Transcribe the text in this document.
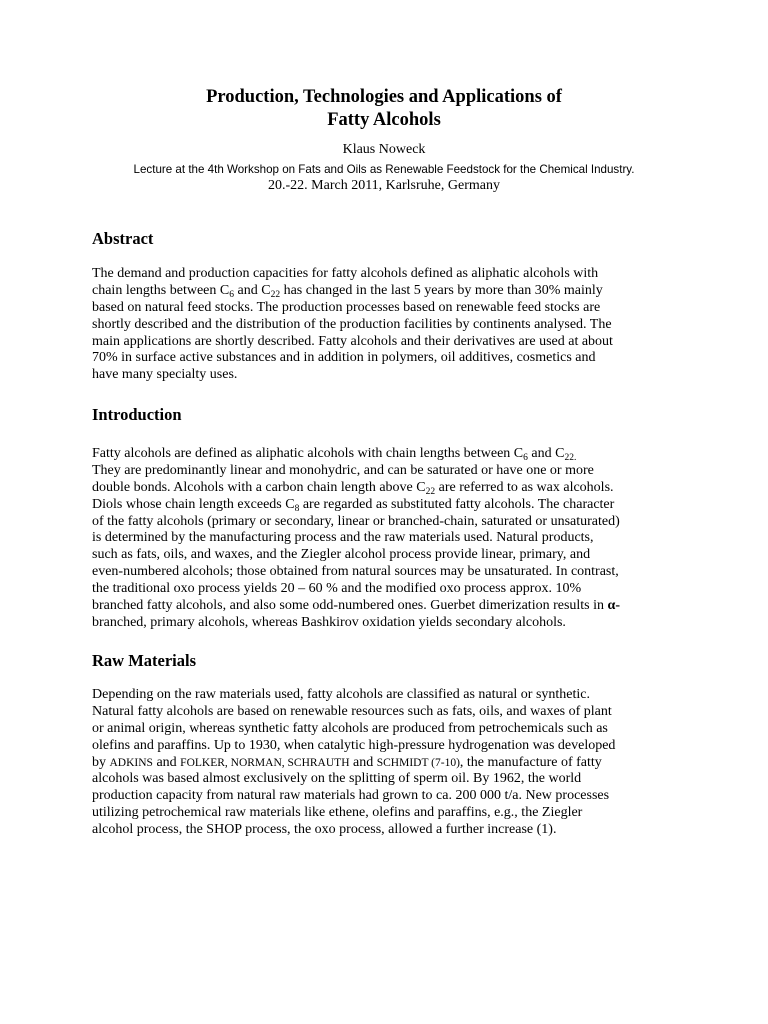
Production, Technologies and Applications of
Fatty Alcohols
Klaus Noweck
Lecture at the 4th Workshop on Fats and Oils as Renewable Feedstock for the Chemical Industry.
20.-22. March 2011, Karlsruhe, Germany
Abstract
The demand and production capacities for fatty alcohols defined as aliphatic alcohols with
chain lengths between $C_6$ and $C_{22}$ has changed in the last 5 years by more than 30% mainly
based on natural feed stocks. The production processes based on renewable feed stocks are
shortly described and the distribution of the production facilities by continents analysed. The
main applications are shortly described. Fatty alcohols and their derivatives are used at about
70% in surface active substances and in addition in polymers, oil additives, cosmetics and
have many specialty uses.
Introduction
Fatty alcohols are defined as aliphatic alcohols with chain lengths between $C_6$ and $C_{22.}$
They are predominantly linear and monohydric, and can be saturated or have one or more
double bonds. Alcohols with a carbon chain length above $C_{22}$ are referred to as wax alcohols.
Diols whose chain length exceeds $C_8$ are regarded as substituted fatty alcohols. The character
of the fatty alcohols (primary or secondary, linear or branched-chain, saturated or unsaturated)
is determined by the manufacturing process and the raw materials used. Natural products,
such as fats, oils, and waxes, and the Ziegler alcohol process provide linear, primary, and
even-numbered alcohols; those obtained from natural sources may be unsaturated. In contrast,
the traditional oxo process yields 20 – 60 % and the modified oxo process approx. 10%
branched fatty alcohols, and also some odd-numbered ones. Guerbet dimerization results in α-
branched, primary alcohols, whereas Bashkirov oxidation yields secondary alcohols.
Raw Materials
Depending on the raw materials used, fatty alcohols are classified as natural or synthetic.
Natural fatty alcohols are based on renewable resources such as fats, oils, and waxes of plant
or animal origin, whereas synthetic fatty alcohols are produced from petrochemicals such as
olefins and paraffins. Up to 1930, when catalytic high-pressure hydrogenation was developed
by ADKINS and FOLKER, NORMAN, SCHRAUTH and SCHMIDT (7-10), the manufacture of fatty
alcohols was based almost exclusively on the splitting of sperm oil. By 1962, the world
production capacity from natural raw materials had grown to ca. 200 000 t/a. New processes
utilizing petrochemical raw materials like ethene, olefins and paraffins, e.g., the Ziegler
alcohol process, the SHOP process, the oxo process, allowed a further increase (1).
